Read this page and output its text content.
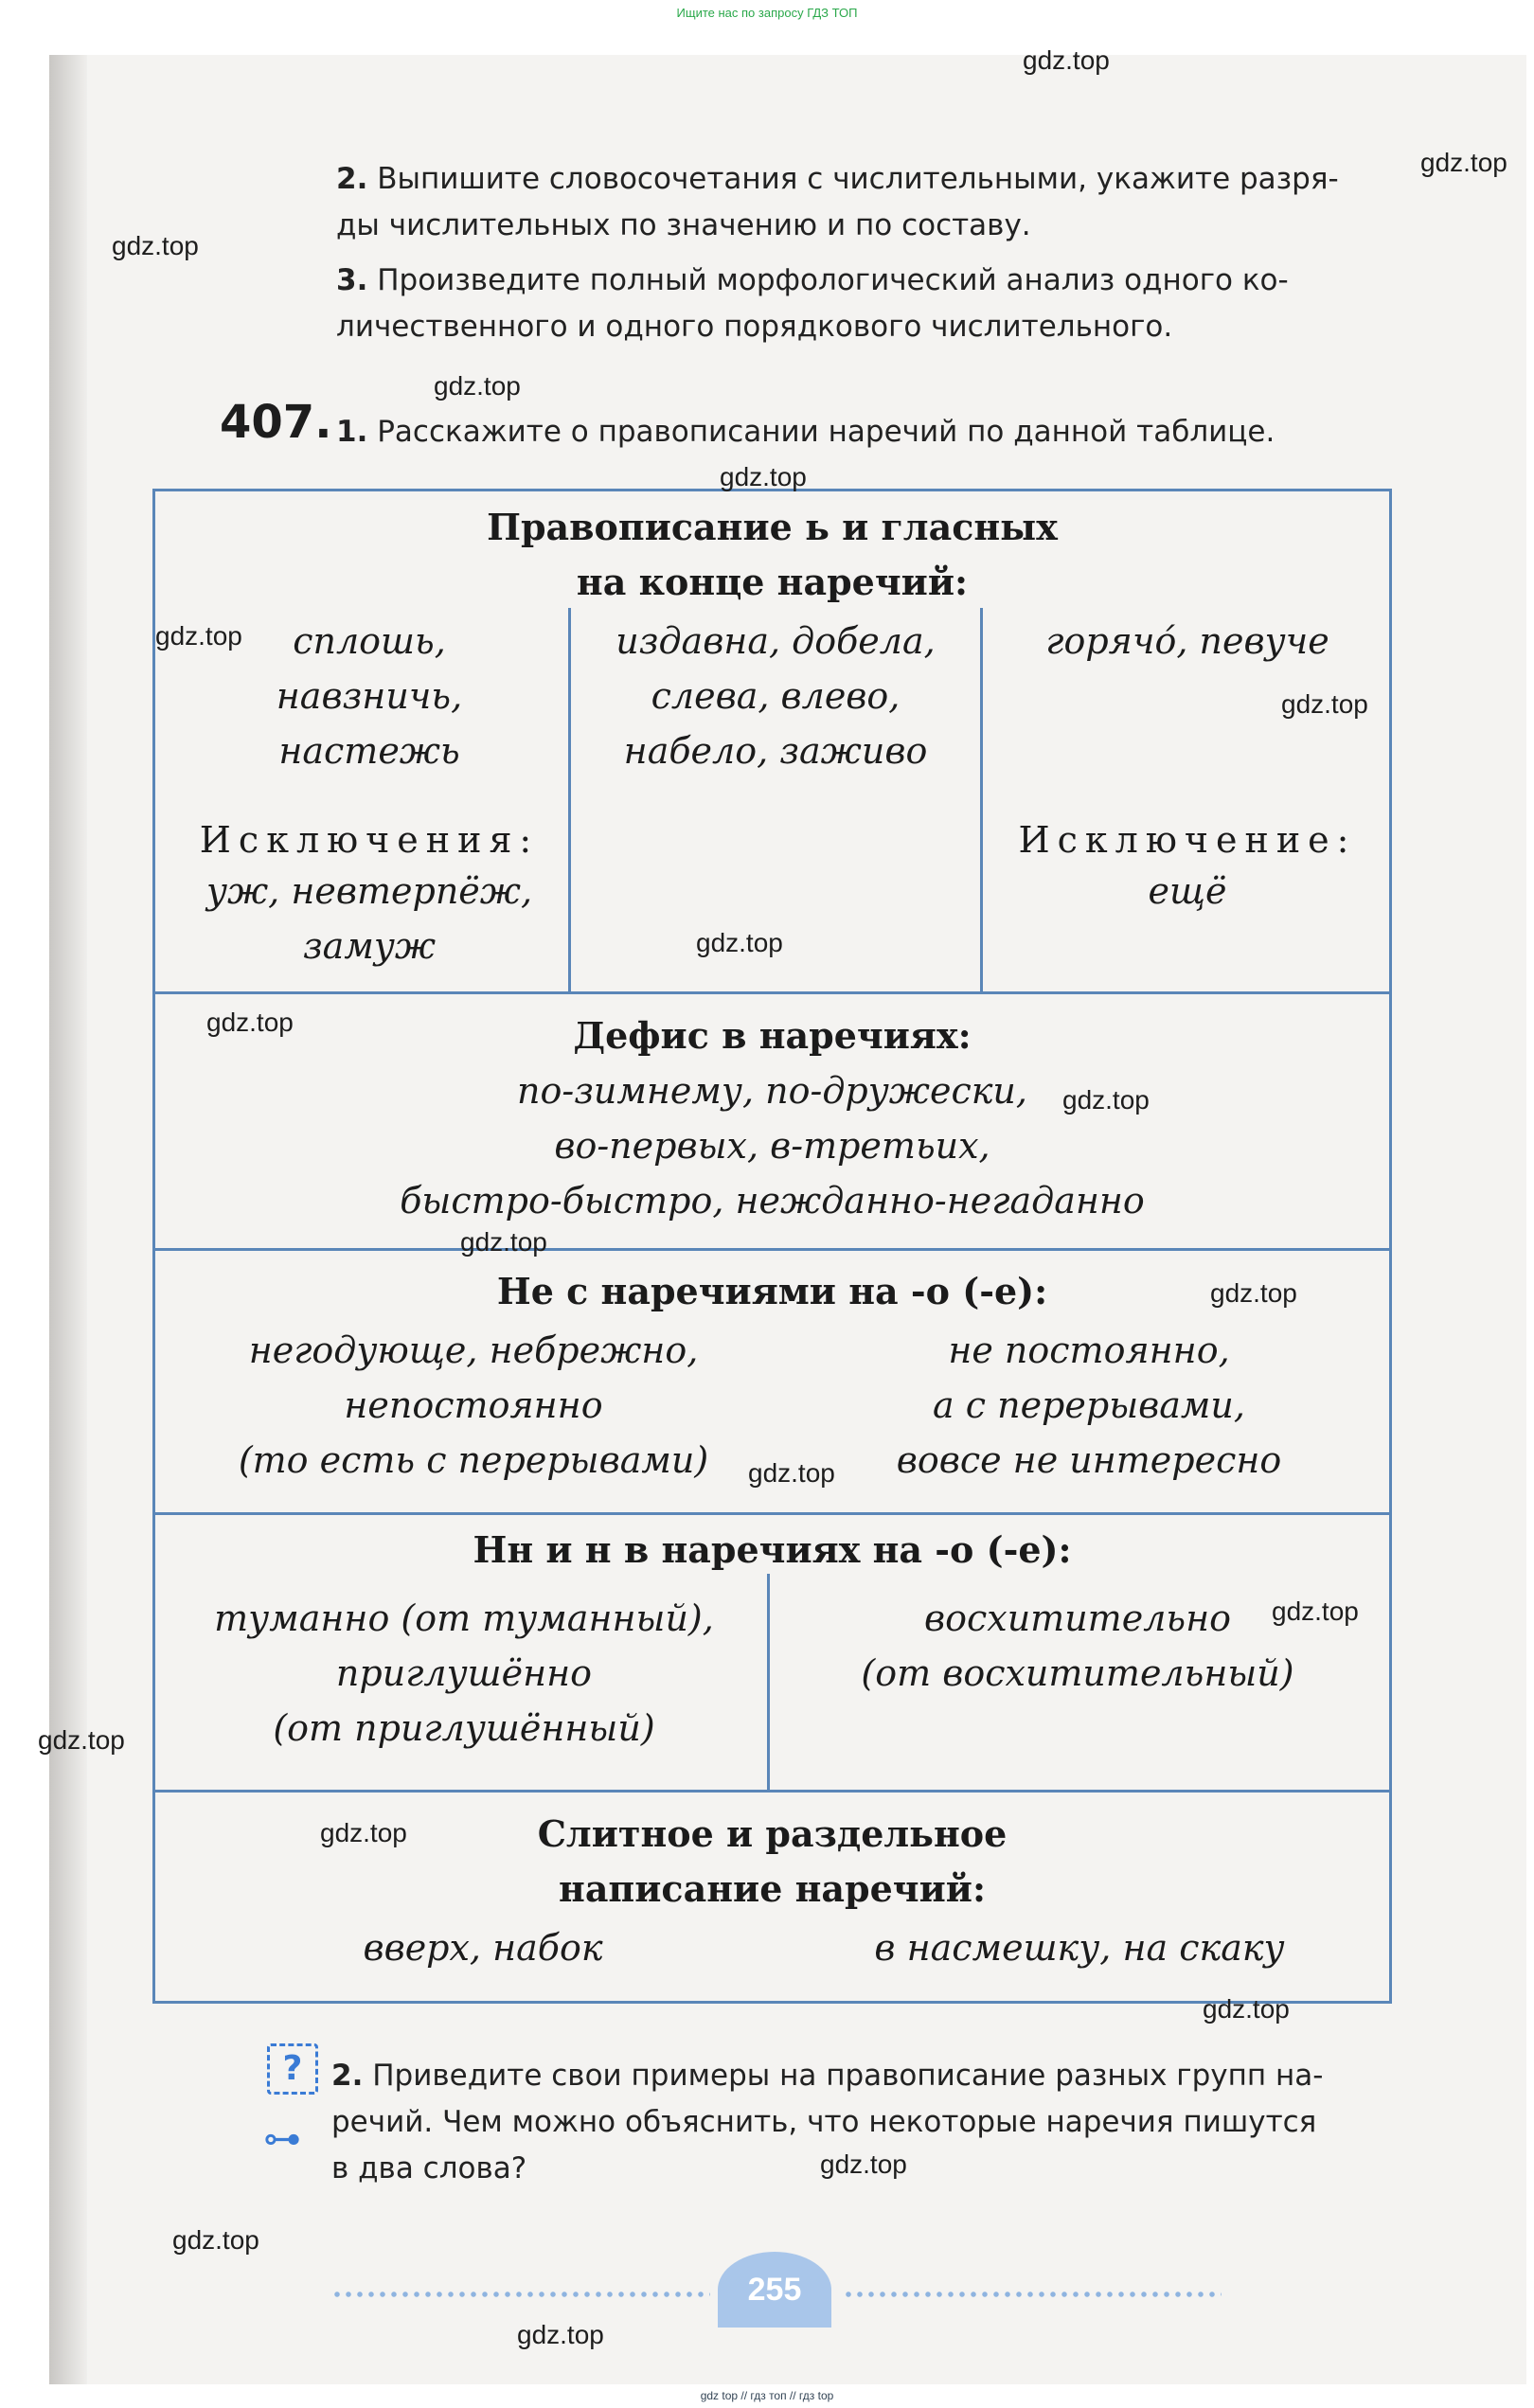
Ищите нас по запросу ГДЗ ТОП
2. Выпишите словосочетания с числительными, укажите разря-
ды числительных по значению и по составу.
3. Произведите полный морфологический анализ одного ко-
личественного и одного порядкового числительного.
407. 1. Расскажите о правописании наречий по данной таблице.
Правописание ь и гласных
на конце наречий:
сплошь,
навзничь,
настежь
издавна, добела,
слева, влево,
набело, заживо
горячо́, певуче
Исключения:
уж, невтерпёж,
замуж
Исключение:
ещё
Дефис в наречиях:
по-зимнему, по-дружески,
во-первых, в-третьих,
быстро-быстро, нежданно-негаданно
Не с наречиями на -о (-е):
негодующе, небрежно,
непостоянно
(то есть с перерывами)
не постоянно,
а с перерывами,
вовсе не интересно
Нн и н в наречиях на -о (-е):
туманно (от туманный),
приглушённо
(от приглушённый)
восхитительно
(от восхитительный)
Слитное и раздельное
написание наречий:
вверх, набок	в насмешку, на скаку
?
⊶
2. Приведите свои примеры на правописание разных групп на-
речий. Чем можно объяснить, что некоторые наречия пишутся
в два слова?
255
gdz.top
gdz.top
gdz.top
gdz.top
gdz.top
gdz.top
gdz.top
gdz.top
gdz.top
gdz.top
gdz.top
gdz.top
gdz.top
gdz.top
gdz.top
gdz.top
gdz.top
gdz.top
gdz.top
gdz.top
gdz top // гдз топ // гдз top
